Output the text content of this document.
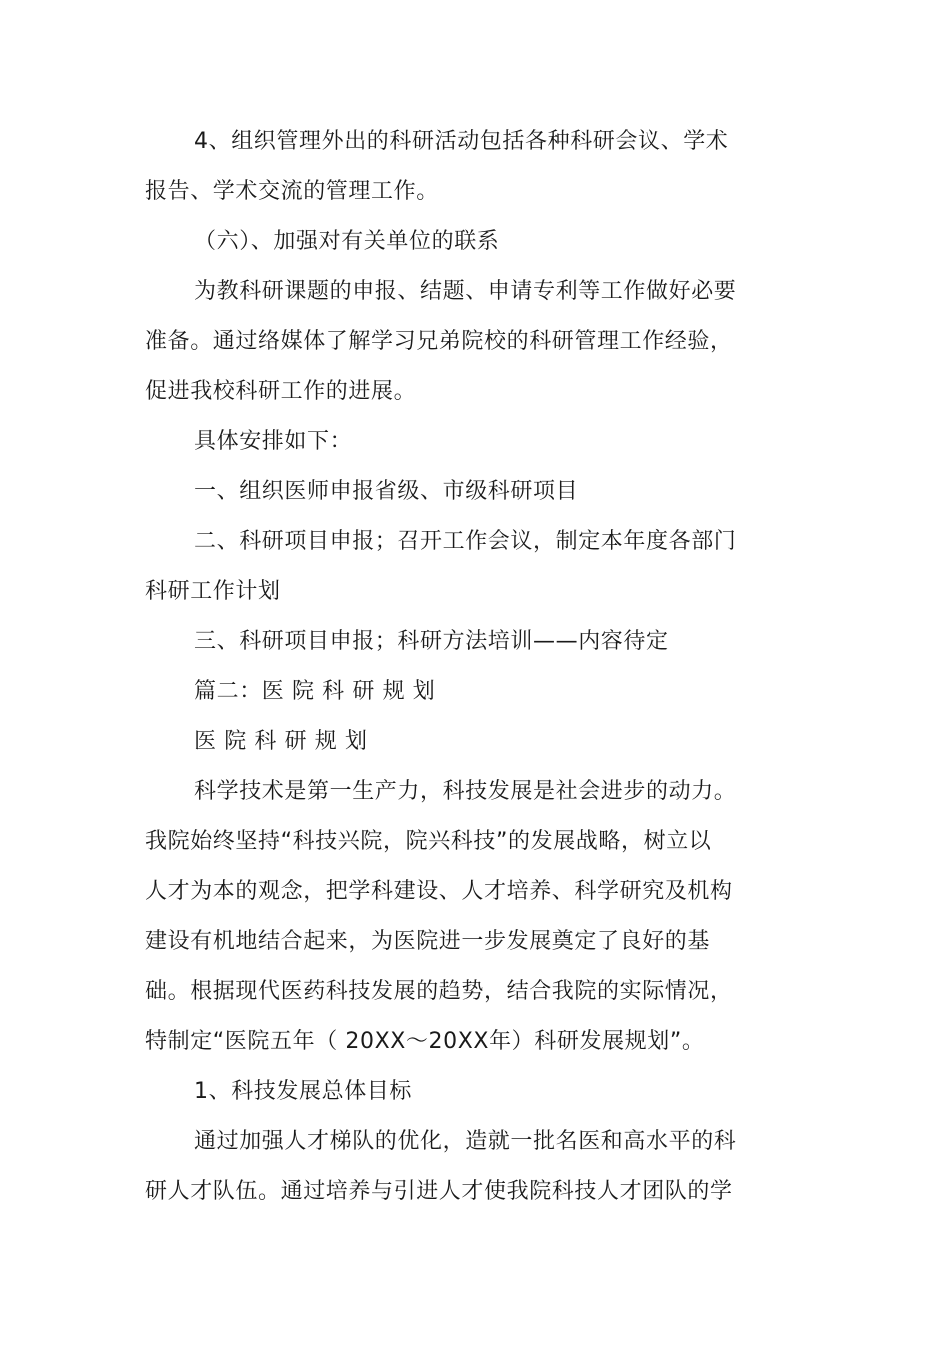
4、组织管理外出的科研活动包括各种科研会议、学术
报告、学术交流的管理工作。
（六）、加强对有关单位的联系
为教科研课题的申报、结题、申请专利等工作做好必要
准备。通过络媒体了解学习兄弟院校的科研管理工作经验，
促进我校科研工作的进展。
具体安排如下：
一、组织医师申报省级、市级科研项目
二、科研项目申报；召开工作会议，制定本年度各部门
科研工作计划
三、科研项目申报；科研方法培训——内容待定
篇二：医 院 科 研 规 划
医 院 科 研 规 划
科学技术是第一生产力，科技发展是社会进步的动力。
我院始终坚持“科技兴院，院兴科技”的发展战略，树立以
人才为本的观念，把学科建设、人才培养、科学研究及机构
建设有机地结合起来，为医院进一步发展奠定了良好的基
础。根据现代医药科技发展的趋势，结合我院的实际情况，
特制定“医院五年（ 20XX～20XX年）科研发展规划”。
1、科技发展总体目标
通过加强人才梯队的优化，造就一批名医和高水平的科
研人才队伍。通过培养与引进人才使我院科技人才团队的学
